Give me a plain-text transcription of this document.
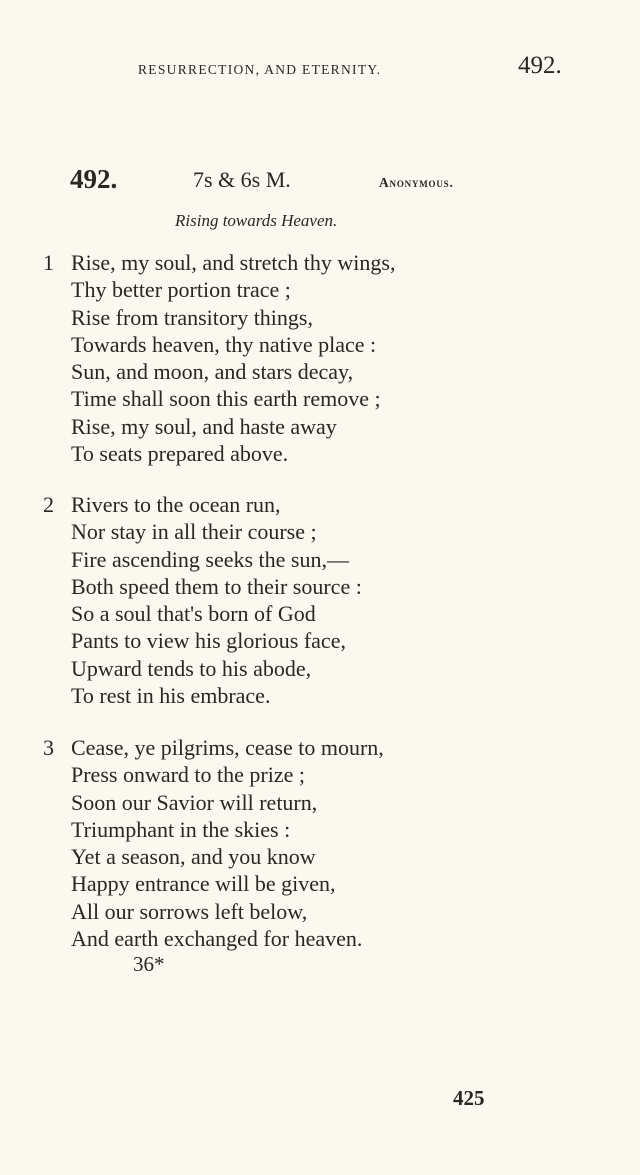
RESURRECTION, AND ETERNITY.	492.
492.	7s & 6s M.	Anonymous.
Rising towards Heaven.
1 Rise, my soul, and stretch thy wings,
Thy better portion trace ;
Rise from transitory things,
Towards heaven, thy native place :
Sun, and moon, and stars decay,
Time shall soon this earth remove ;
Rise, my soul, and haste away
To seats prepared above.
2 Rivers to the ocean run,
Nor stay in all their course ;
Fire ascending seeks the sun,—
Both speed them to their source :
So a soul that's born of God
Pants to view his glorious face,
Upward tends to his abode,
To rest in his embrace.
3 Cease, ye pilgrims, cease to mourn,
Press onward to the prize ;
Soon our Savior will return,
Triumphant in the skies :
Yet a season, and you know
Happy entrance will be given,
All our sorrows left below,
And earth exchanged for heaven.
36*
425
